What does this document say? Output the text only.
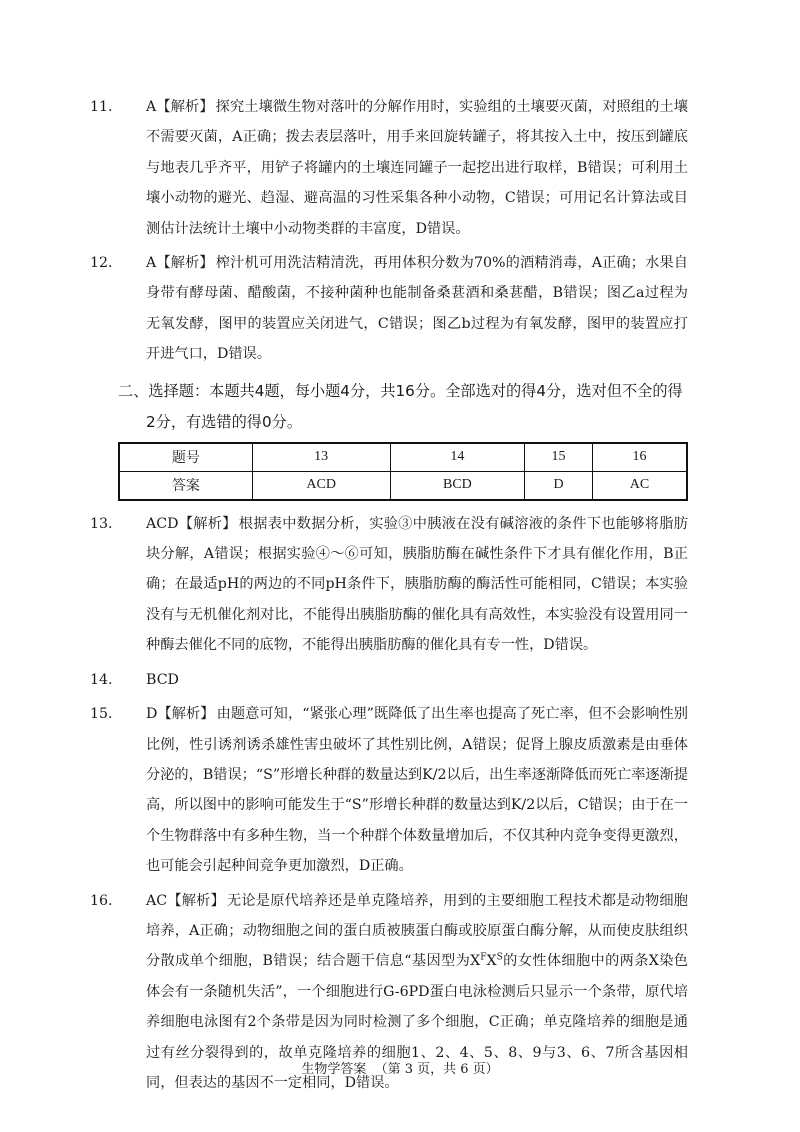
11. A【解析】 探究土壤微生物对落叶的分解作用时，实验组的土壤要灭菌，对照组的土壤不需要灭菌，A正确；拨去表层落叶，用手来回旋转罐子，将其按入土中，按压到罐底与地表几乎齐平，用铲子将罐内的土壤连同罐子一起挖出进行取样，B错误；可利用土壤小动物的避光、趋湿、避高温的习性采集各种小动物，C错误；可用记名计算法或目测估计法统计土壤中小动物类群的丰富度，D错误。

12. A【解析】 榨汁机可用洗洁精清洗，再用体积分数为70%的酒精消毒，A正确；水果自身带有酵母菌、醋酸菌，不接种菌种也能制备桑葚酒和桑葚醋，B错误；图乙a过程为无氧发酵，图甲的装置应关闭进气，C错误；图乙b过程为有氧发酵，图甲的装置应打开进气口，D错误。

二、选择题：本题共4题，每小题4分，共16分。全部选对的得4分，选对但不全的得2分，有选错的得0分。

题号	13	14	15	16
答案	ACD	BCD	D	AC

13. ACD【解析】 根据表中数据分析，实验③中胰液在没有碱溶液的条件下也能够将脂肪块分解，A错误；根据实验④～⑥可知，胰脂肪酶在碱性条件下才具有催化作用，B正确；在最适pH的两边的不同pH条件下，胰脂肪酶的酶活性可能相同，C错误；本实验没有与无机催化剂对比，不能得出胰脂肪酶的催化具有高效性，本实验没有设置用同一种酶去催化不同的底物，不能得出胰脂肪酶的催化具有专一性，D错误。

14. BCD

15. D【解析】 由题意可知，“紧张心理”既降低了出生率也提高了死亡率，但不会影响性别比例，性引诱剂诱杀雄性害虫破坏了其性别比例，A错误；促肾上腺皮质激素是由垂体分泌的，B错误；“S”形增长种群的数量达到K/2以后，出生率逐渐降低而死亡率逐渐提高，所以图中的影响可能发生于“S”形增长种群的数量达到K/2以后，C错误；由于在一个生物群落中有多种生物，当一个种群个体数量增加后，不仅其种内竞争变得更激烈，也可能会引起种间竞争更加激烈，D正确。

16. AC【解析】 无论是原代培养还是单克隆培养，用到的主要细胞工程技术都是动物细胞培养，A正确；动物细胞之间的蛋白质被胰蛋白酶或胶原蛋白酶分解，从而使皮肤组织分散成单个细胞，B错误；结合题干信息“基因型为$X^FX^S$的女性体细胞中的两条X染色体会有一条随机失活”，一个细胞进行G-6PD蛋白电泳检测后只显示一个条带，原代培养细胞电泳图有2个条带是因为同时检测了多个细胞，C正确；单克隆培养的细胞是通过有丝分裂得到的，故单克隆培养的细胞1、2、4、5、8、9与3、6、7所含基因相同，但表达的基因不一定相同，D错误。

生物学答案 （第 3 页，共 6 页）
